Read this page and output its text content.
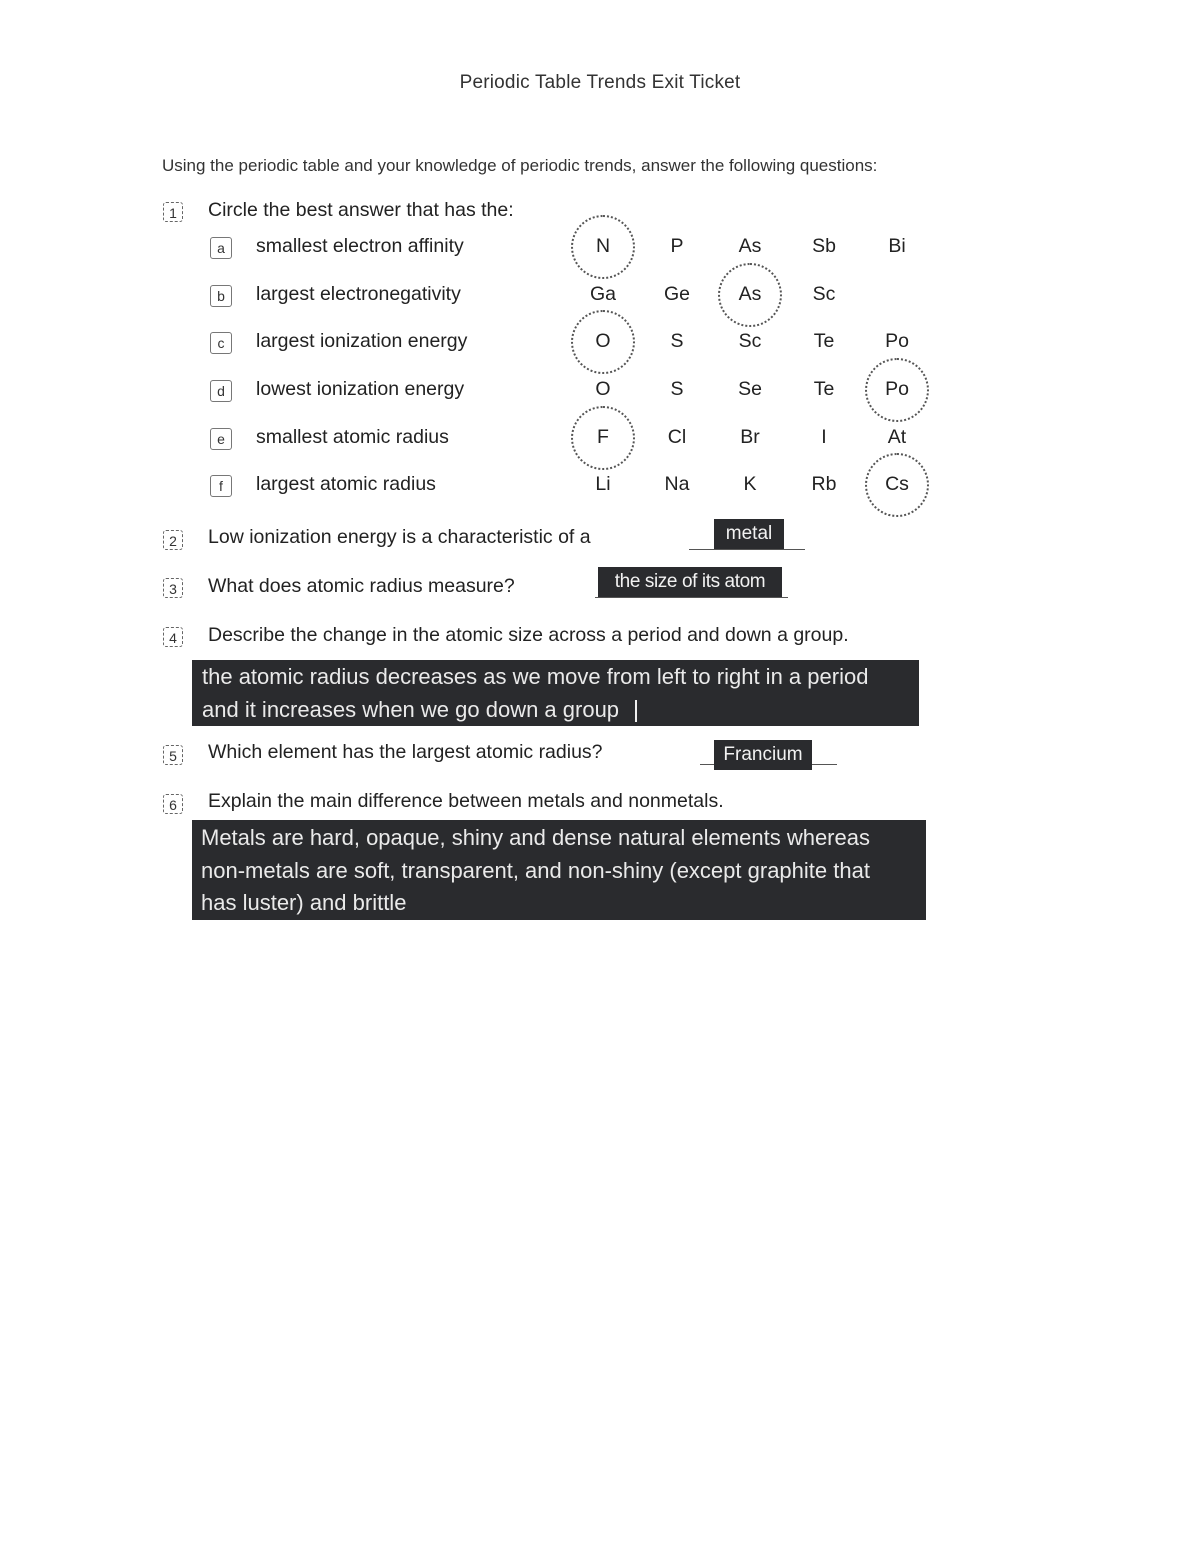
Periodic Table Trends Exit Ticket
Using the periodic table and your knowledge of periodic trends, answer the following questions:
1	Circle the best answer that has the:
a	smallest electron affinity	N	P	As	Sb	Bi
b	largest electronegativity	Ga	Ge	As	Sc
c	largest ionization energy	O	S	Sc	Te	Po
d	lowest ionization energy	O	S	Se	Te	Po
e	smallest atomic radius	F	Cl	Br	I	At
f	largest atomic radius	Li	Na	K	Rb	Cs
2	Low ionization energy is a characteristic of a	metal
3	What does atomic radius measure?	the size of its atom
4	Describe the change in the atomic size across a period and down a group.
the atomic radius decreases as we move from left to right in a period
and it increases when we go down a group
5	Which element has the largest atomic radius?	Francium
6	Explain the main difference between metals and nonmetals.
Metals are hard, opaque, shiny and dense natural elements whereas
non-metals are soft, transparent, and non-shiny (except graphite that
has luster) and brittle
